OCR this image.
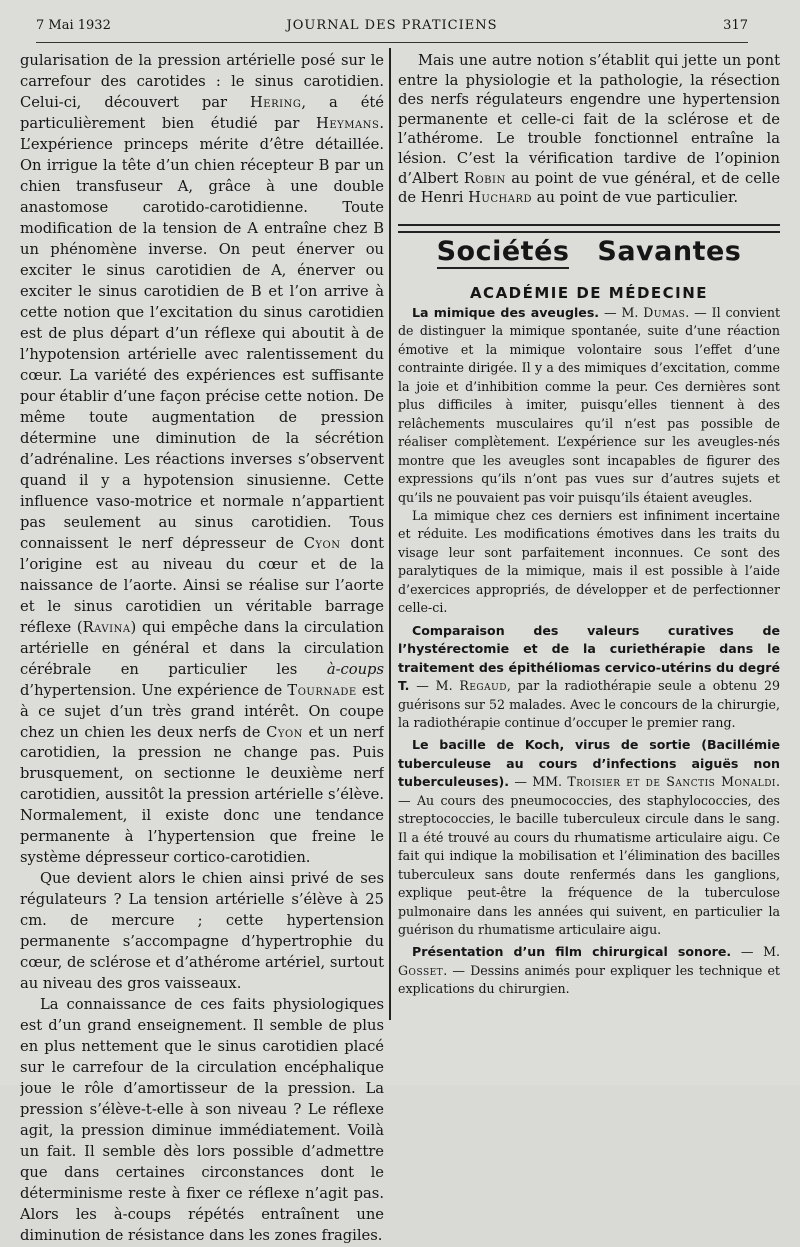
JOURNAL DES PRATICIENS
7 Mai 1932	317

gularisation de la pression artérielle posé sur le carrefour des carotides : le sinus carotidien. Celui-ci, découvert par Hering, a été particulièrement bien étudié par Heymans. L’expérience princeps mérite d’être détaillée. On irrigue la tête d’un chien récepteur B par un chien transfuseur A, grâce à une double anastomose carotido-carotidienne. Toute modification de la tension de A entraîne chez B un phénomène inverse. On peut énerver ou exciter le sinus carotidien de A, énerver ou exciter le sinus carotidien de B et l’on arrive à cette notion que l’excitation du sinus carotidien est de plus départ d’un réflexe qui aboutit à de l’hypotension artérielle avec ralentissement du cœur. La variété des expériences est suffisante pour établir d’une façon précise cette notion. De même toute augmentation de pression détermine une diminution de la sécrétion d’adrénaline. Les réactions inverses s’observent quand il y a hypotension sinusienne. Cette influence vaso-motrice et normale n’appartient pas seulement au sinus carotidien. Tous connaissent le nerf dépresseur de Cyon dont l’origine est au niveau du cœur et de la naissance de l’aorte. Ainsi se réalise sur l’aorte et le sinus carotidien un véritable barrage réflexe (Ravina) qui empêche dans la circulation artérielle en général et dans la circulation cérébrale en particulier les à-coups d’hypertension. Une expérience de Tournade est à ce sujet d’un très grand intérêt. On coupe chez un chien les deux nerfs de Cyon et un nerf carotidien, la pression ne change pas. Puis brusquement, on sectionne le deuxième nerf carotidien, aussitôt la pression artérielle s’élève. Normalement, il existe donc une tendance permanente à l’hypertension que freine le système dépresseur cortico-carotidien.

Que devient alors le chien ainsi privé de ses régulateurs ? La tension artérielle s’élève à 25 cm. de mercure ; cette hypertension permanente s’accompagne d’hypertrophie du cœur, de sclérose et d’athérome artériel, surtout au niveau des gros vaisseaux.

La connaissance de ces faits physiologiques est d’un grand enseignement. Il semble de plus en plus nettement que le sinus carotidien placé sur le carrefour de la circulation encéphalique joue le rôle d’amortisseur de la pression. La pression s’élève-t-elle à son niveau ? Le réflexe agit, la pression diminue immédiatement. Voilà un fait. Il semble dès lors possible d’admettre que dans certaines circonstances dont le déterminisme reste à fixer ce réflexe n’agit pas. Alors les à-coups répétés entraînent une diminution de résistance dans les zones fragiles.

Mais une autre notion s’établit qui jette un pont entre la physiologie et la pathologie, la résection des nerfs régulateurs engendre une hypertension permanente et celle-ci fait de la sclérose et de l’athérome. Le trouble fonctionnel entraîne la lésion. C’est la vérification tardive de l’opinion d’Albert Robin au point de vue général, et de celle de Henri Huchard au point de vue particulier.

Sociétés Savantes
ACADÉMIE DE MÉDECINE

La mimique des aveugles. — M. Dumas. — Il convient de distinguer la mimique spontanée, suite d’une réaction émotive et la mimique volontaire sous l’effet d’une contrainte dirigée. Il y a des mimiques d’excitation, comme la joie et d’inhibition comme la peur. Ces dernières sont plus difficiles à imiter, puisqu’elles tiennent à des relâchements musculaires qu’il n’est pas possible de réaliser complètement. L’expérience sur les aveugles-nés montre que les aveugles sont incapables de figurer des expressions qu’ils n’ont pas vues sur d’autres sujets et qu’ils ne pouvaient pas voir puisqu’ils étaient aveugles.

La mimique chez ces derniers est infiniment incertaine et réduite. Les modifications émotives dans les traits du visage leur sont parfaitement inconnues. Ce sont des paralytiques de la mimique, mais il est possible à l’aide d’exercices appropriés, de développer et de perfectionner celle-ci.

Comparaison des valeurs curatives de l’hystérectomie et de la curiethérapie dans le traitement des épithéliomas cervico-utérins du degré T. — M. Regaud, par la radiothérapie seule a obtenu 29 guérisons sur 52 malades. Avec le concours de la chirurgie, la radiothérapie continue d’occuper le premier rang.

Le bacille de Koch, virus de sortie (Bacillémie tuberculeuse au cours d’infections aiguës non tuberculeuses). — MM. Troisier et de Sanctis Monaldi. — Au cours des pneumococcies, des staphylococcies, des streptococcies, le bacille tuberculeux circule dans le sang. Il a été trouvé au cours du rhumatisme articulaire aigu. Ce fait qui indique la mobilisation et l’élimination des bacilles tuberculeux sans doute renfermés dans les ganglions, explique peut-être la fréquence de la tuberculose pulmonaire dans les années qui suivent, en particulier la guérison du rhumatisme articulaire aigu.

Présentation d’un film chirurgical sonore. — M. Gosset. — Dessins animés pour expliquer les technique et explications du chirurgien.
